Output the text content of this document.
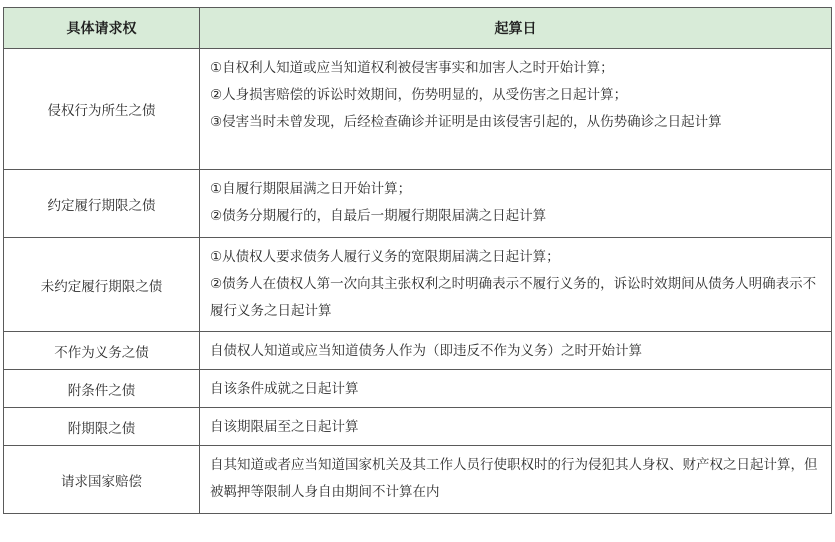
具体请求权	起算日
侵权行为所生之债	①自权利人知道或应当知道权利被侵害事实和加害人之时开始计算；
②人身损害赔偿的诉讼时效期间，伤势明显的，从受伤害之日起计算；
③侵害当时未曾发现，后经检查确诊并证明是由该侵害引起的，从伤势确诊之日起计算

约定履行期限之债	①自履行期限届满之日开始计算；
②债务分期履行的，自最后一期履行期限届满之日起计算

未约定履行期限之债	①从债权人要求债务人履行义务的宽限期届满之日起计算；
②债务人在债权人第一次向其主张权利之时明确表示不履行义务的，诉讼时效期间从债务人明确表示不履行义务之日起计算

不作为义务之债	自债权人知道或应当知道债务人作为（即违反不作为义务）之时开始计算

附条件之债	自该条件成就之日起计算

附期限之债	自该期限届至之日起计算

请求国家赔偿	自其知道或者应当知道国家机关及其工作人员行使职权时的行为侵犯其人身权、财产权之日起计算，但被羁押等限制人身自由期间不计算在内
